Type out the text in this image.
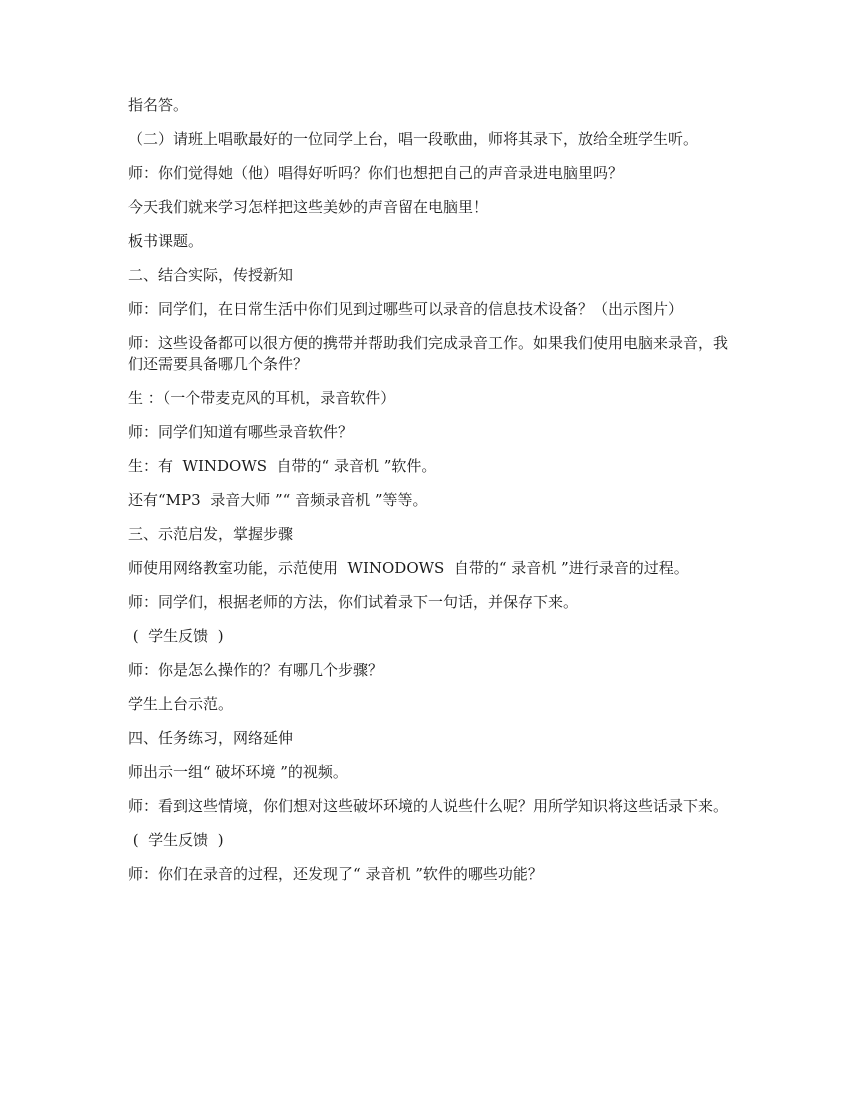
指名答。

（二）请班上唱歌最好的一位同学上台，唱一段歌曲，师将其录下，放给全班学生听。

师：你们觉得她（他）唱得好听吗？你们也想把自己的声音录进电脑里吗？

今天我们就来学习怎样把这些美妙的声音留在电脑里！

板书课题。

二、结合实际，传授新知

师：同学们，在日常生活中你们见到过哪些可以录音的信息技术设备？（出示图片）

师：这些设备都可以很方便的携带并帮助我们完成录音工作。如果我们使用电脑来录音，我们还需要具备哪几个条件？

生 ：（一个带麦克风的耳机，录音软件）

师：同学们知道有哪些录音软件？

生：有  WINDOWS  自带的“ 录音机 ”软件。

还有“MP3  录音大师 ”“ 音频录音机 ”等等。

三、示范启发，掌握步骤

师使用网络教室功能，示范使用  WINODOWS  自带的“ 录音机 ”进行录音的过程。

师：同学们，根据老师的方法，你们试着录下一句话，并保存下来。

(  学生反馈  )

师：你是怎么操作的？有哪几个步骤？

学生上台示范。

四、任务练习，网络延伸

师出示一组“ 破坏环境 ”的视频。

师：看到这些情境，你们想对这些破坏环境的人说些什么呢？用所学知识将这些话录下来。

(  学生反馈  )

师：你们在录音的过程，还发现了“ 录音机 ”软件的哪些功能？
